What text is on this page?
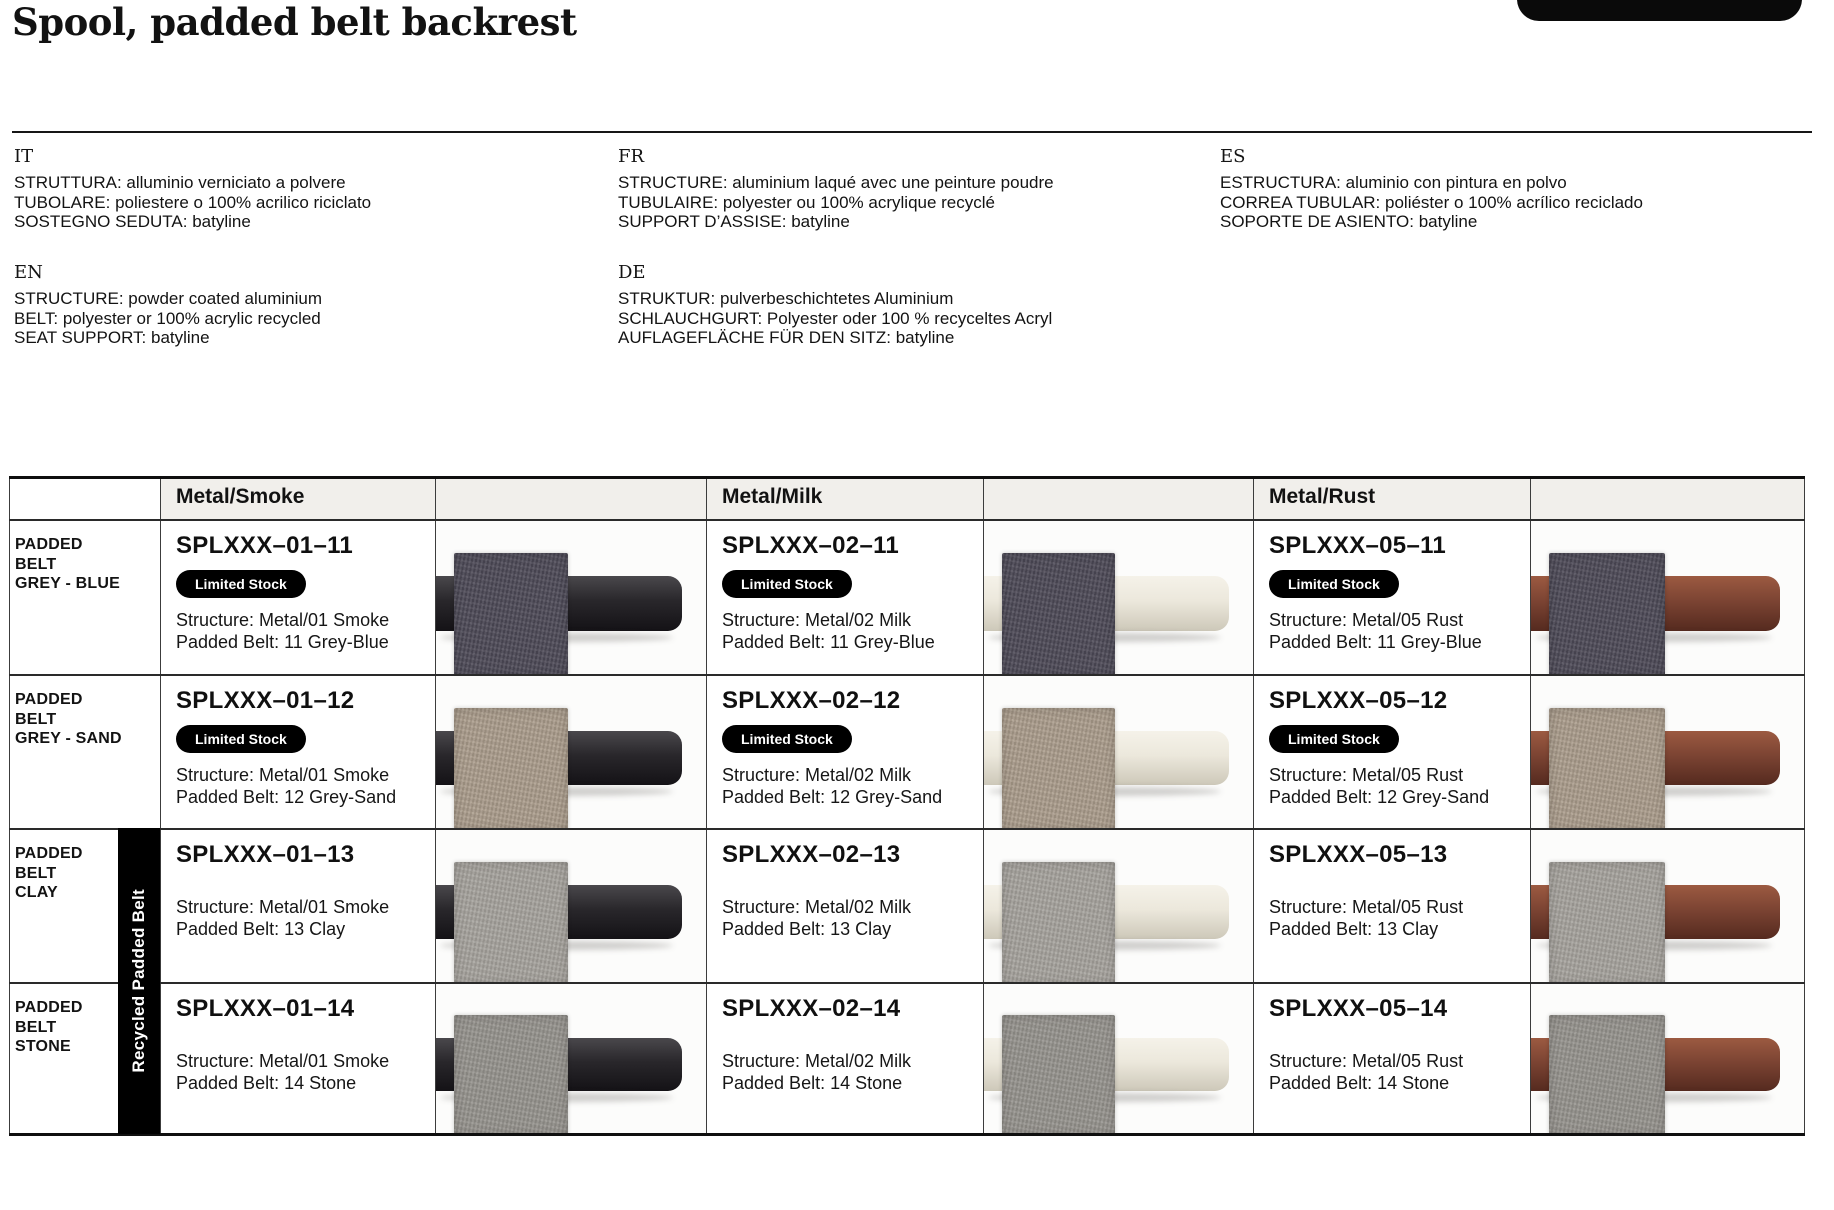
Spool, padded belt backrest
IT
STRUTTURA: alluminio verniciato a polvere
TUBOLARE: poliestere o 100% acrilico riciclato
SOSTEGNO SEDUTA: batyline
FR
STRUCTURE: aluminium laqué avec une peinture poudre
TUBULAIRE: polyester ou 100% acrylique recyclé
SUPPORT D’ASSISE: batyline
ES
ESTRUCTURA: aluminio con pintura en polvo
CORREA TUBULAR: poliéster o 100% acrílico reciclado
SOPORTE DE ASIENTO: batyline
EN
STRUCTURE: powder coated aluminium
BELT: polyester or 100% acrylic recycled
SEAT SUPPORT: batyline
DE
STRUKTUR: pulverbeschichtetes Aluminium
SCHLAUCHGURT: Polyester oder 100 % recyceltes Acryl
AUFLAGEFLÄCHE FÜR DEN SITZ: batyline
Metal/Smoke	Metal/Milk	Metal/Rust
PADDED
BELT
GREY - BLUE
SPLXXX–01–11
Limited Stock
Structure: Metal/01 Smoke
Padded Belt: 11 Grey-Blue
SPLXXX–02–11
Limited Stock
Structure: Metal/02 Milk
Padded Belt: 11 Grey-Blue
SPLXXX–05–11
Limited Stock
Structure: Metal/05 Rust
Padded Belt: 11 Grey-Blue
PADDED
BELT
GREY - SAND
SPLXXX–01–12
Limited Stock
Structure: Metal/01 Smoke
Padded Belt: 12 Grey-Sand
SPLXXX–02–12
Limited Stock
Structure: Metal/02 Milk
Padded Belt: 12 Grey-Sand
SPLXXX–05–12
Limited Stock
Structure: Metal/05 Rust
Padded Belt: 12 Grey-Sand
PADDED
BELT
CLAY
SPLXXX–01–13
Structure: Metal/01 Smoke
Padded Belt: 13 Clay
SPLXXX–02–13
Structure: Metal/02 Milk
Padded Belt: 13 Clay
SPLXXX–05–13
Structure: Metal/05 Rust
Padded Belt: 13 Clay
PADDED
BELT
STONE
SPLXXX–01–14
Structure: Metal/01 Smoke
Padded Belt: 14 Stone
SPLXXX–02–14
Structure: Metal/02 Milk
Padded Belt: 14 Stone
SPLXXX–05–14
Structure: Metal/05 Rust
Padded Belt: 14 Stone
Recycled Padded Belt
